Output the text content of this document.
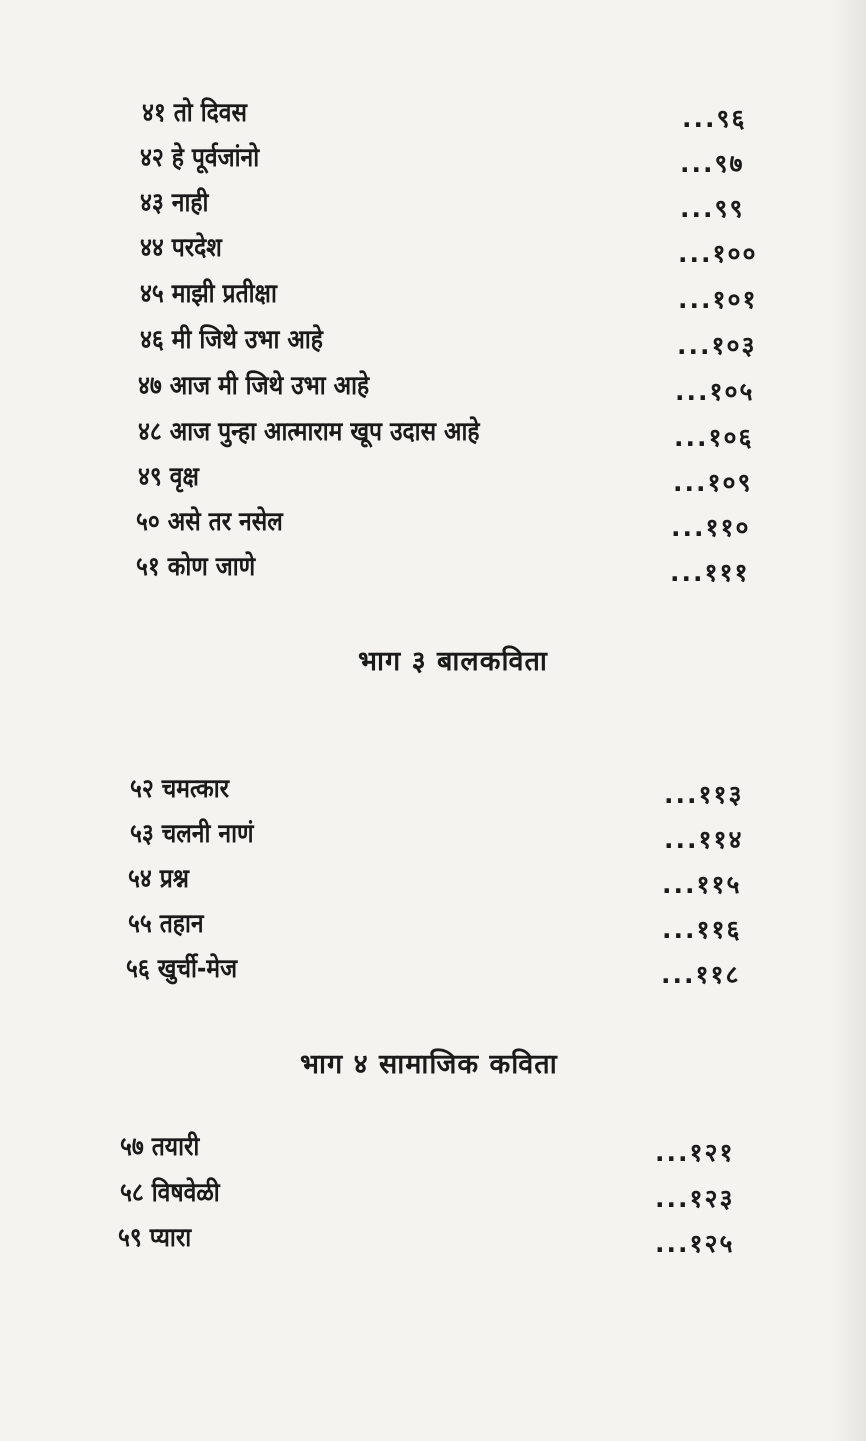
४१ तो दिवस	...९६
४२ हे पूर्वजांनो	...९७
४३ नाही	...९९
४४ परदेश	...१००
४५ माझी प्रतीक्षा	...१०१
४६ मी जिथे उभा आहे	...१०३
४७ आज मी जिथे उभा आहे	...१०५
४८ आज पुन्हा आत्माराम खूप उदास आहे	...१०६
४९ वृक्ष	...१०९
५० असे तर नसेल	...११०
५१ कोण जाणे	...१११
भाग ३ बालकविता
५२ चमत्कार	...११३
५३ चलनी नाणं	...११४
५४ प्रश्न	...११५
५५ तहान	...११६
५६ खुर्ची-मेज	...११८
भाग ४ सामाजिक कविता
५७ तयारी	...१२१
५८ विषवेळी	...१२३
५९ प्यारा	...१२५
